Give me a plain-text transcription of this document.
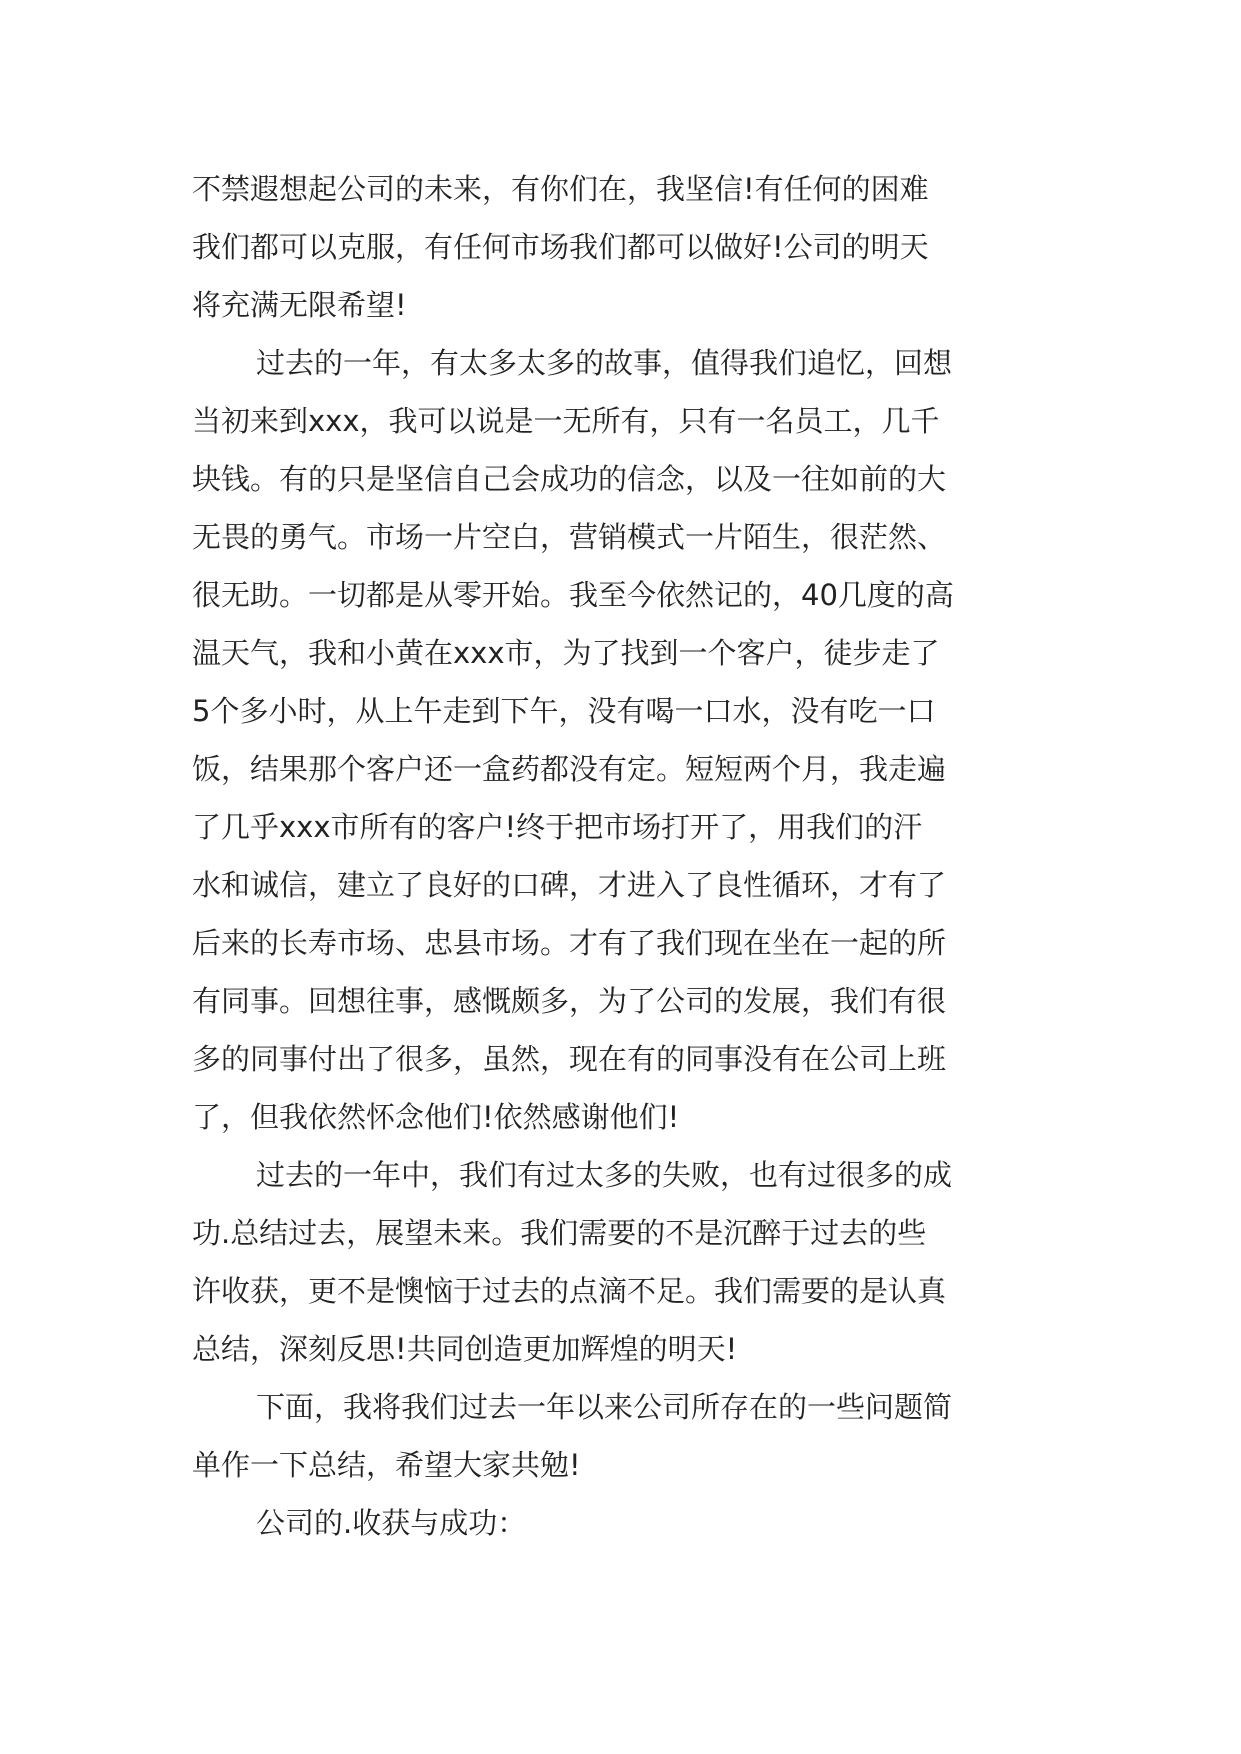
不禁遐想起公司的未来，有你们在，我坚信!有任何的困难

我们都可以克服，有任何市场我们都可以做好!公司的明天

将充满无限希望!

过去的一年，有太多太多的故事，值得我们追忆，回想

当初来到xxx，我可以说是一无所有，只有一名员工，几千

块钱。有的只是坚信自己会成功的信念，以及一往如前的大

无畏的勇气。市场一片空白，营销模式一片陌生，很茫然、

很无助。一切都是从零开始。我至今依然记的，40几度的高

温天气，我和小黄在xxx市，为了找到一个客户，徒步走了

5个多小时，从上午走到下午，没有喝一口水，没有吃一口

饭，结果那个客户还一盒药都没有定。短短两个月，我走遍

了几乎xxx市所有的客户!终于把市场打开了，用我们的汗

水和诚信，建立了良好的口碑，才进入了良性循环，才有了

后来的长寿市场、忠县市场。才有了我们现在坐在一起的所

有同事。回想往事，感慨颇多，为了公司的发展，我们有很

多的同事付出了很多，虽然，现在有的同事没有在公司上班

了，但我依然怀念他们!依然感谢他们!

过去的一年中，我们有过太多的失败，也有过很多的成

功.总结过去，展望未来。我们需要的不是沉醉于过去的些

许收获，更不是懊恼于过去的点滴不足。我们需要的是认真

总结，深刻反思!共同创造更加辉煌的明天!

下面，我将我们过去一年以来公司所存在的一些问题简

单作一下总结，希望大家共勉!

公司的.收获与成功：
